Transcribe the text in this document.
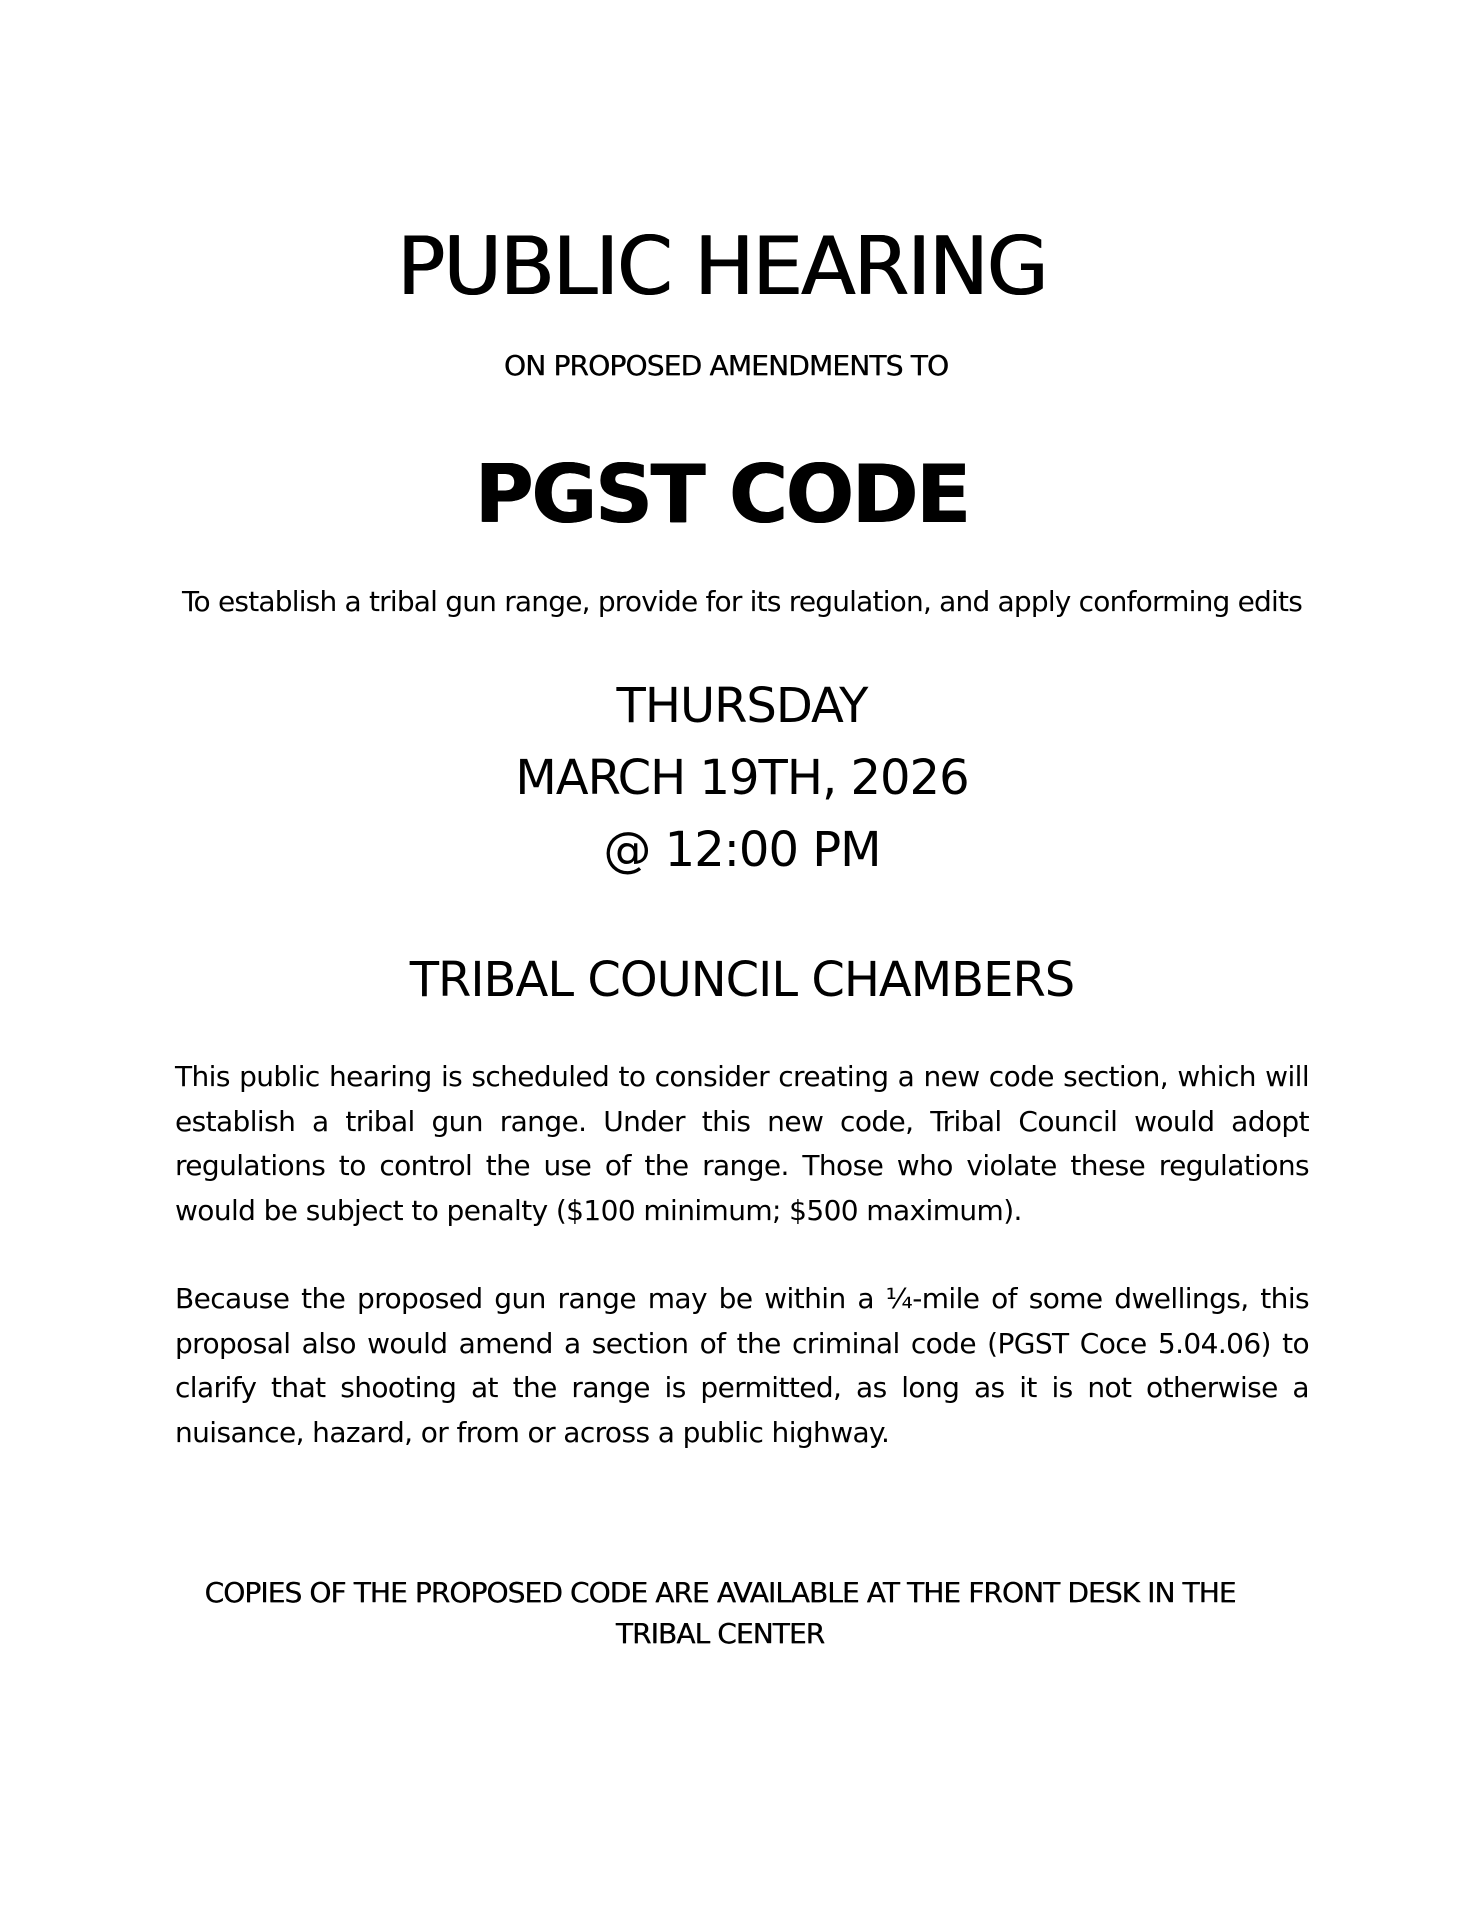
PUBLIC HEARING

ON PROPOSED AMENDMENTS TO

PGST CODE

To establish a tribal gun range, provide for its regulation, and apply conforming edits

THURSDAY
MARCH 19TH, 2026
@ 12:00 PM

TRIBAL COUNCIL CHAMBERS

This public hearing is scheduled to consider creating a new code section, which will establish a tribal gun range. Under this new code, Tribal Council would adopt regulations to control the use of the range. Those who violate these regulations would be subject to penalty ($100 minimum; $500 maximum).

Because the proposed gun range may be within a ¼-mile of some dwellings, this proposal also would amend a section of the criminal code (PGST Coce 5.04.06) to clarify that shooting at the range is permitted, as long as it is not otherwise a nuisance, hazard, or from or across a public highway.

COPIES OF THE PROPOSED CODE ARE AVAILABLE AT THE FRONT DESK IN THE TRIBAL CENTER
